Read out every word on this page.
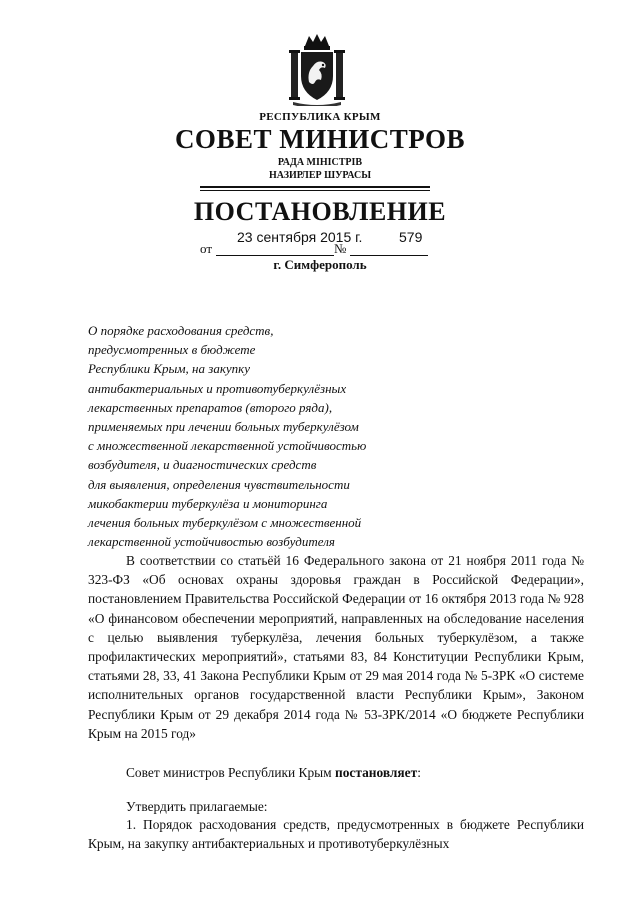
РЕСПУБЛИКА КРЫМ
СОВЕТ МИНИСТРОВ
РАДА МІНІСТРІВ
НАЗИРЛЕР ШУРАСЫ
ПОСТАНОВЛЕНИЕ
23 сентября 2015 г.	579
от	№
г. Симферополь
О порядке расходования средств,
предусмотренных в бюджете
Республики Крым, на закупку
антибактериальных и противотуберкулёзных
лекарственных препаратов (второго ряда),
применяемых при лечении больных туберкулёзом
с множественной лекарственной устойчивостью
возбудителя, и диагностических средств
для выявления, определения чувствительности
микобактерии туберкулёза и мониторинга
лечения больных туберкулёзом с множественной
лекарственной устойчивостью возбудителя
В соответствии со статьёй 16 Федерального закона от 21 ноября 2011 года № 323-ФЗ «Об основах охраны здоровья граждан в Российской Федерации», постановлением Правительства Российской Федерации от 16 октября 2013 года № 928 «О финансовом обеспечении мероприятий, направленных на обследование населения с целью выявления туберкулёза, лечения больных туберкулёзом, а также профилактических мероприятий», статьями 83, 84 Конституции Республики Крым, статьями 28, 33, 41 Закона Республики Крым от 29 мая 2014 года № 5-ЗРК «О системе исполнительных органов государственной власти Республики Крым», Законом Республики Крым от 29 декабря 2014 года № 53-ЗРК/2014 «О бюджете Республики Крым на 2015 год»
Совет министров Республики Крым постановляет:
Утвердить прилагаемые:
1. Порядок расходования средств, предусмотренных в бюджете Республики Крым, на закупку антибактериальных и противотуберкулёзных
